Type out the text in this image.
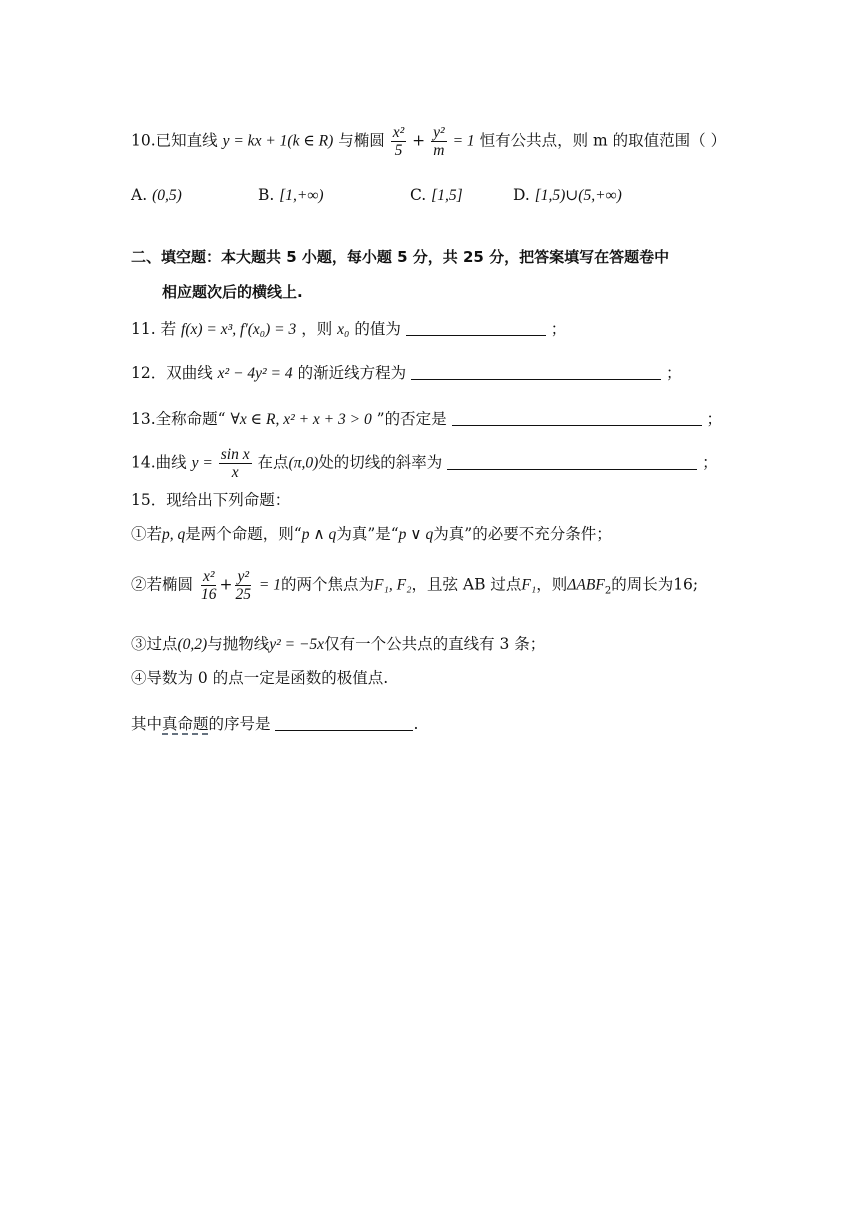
10.已知直线 y = kx + 1(k ∈ R) 与椭圆 $\frac{\text{x²}}{5} + \frac{\text{y²}}{m} = 1$ 恒有公共点，则 m 的取值范围（ ）
A. (0,5)	B. [1,+∞)	C. [1,5]	D. [1,5)∪(5,+∞)
二、填空题：本大题共 5 小题，每小题 5 分，共 25 分，把答案填写在答题卷中
相应题次后的横线上.
11. 若 f(x) = x³, f′(x₀) = 3 ，则 x₀ 的值为	；
12．双曲线 x² − 4y² = 4 的渐近线方程为	；
13.全称命题“ ∀x ∈ R, x² + x + 3 > 0 ”的否定是	；
14.曲线 $y = \frac{\text{sin x}}{x}$ 在点(π,0)处的切线的斜率为	；
15．现给出下列命题：
①若p, q是两个命题，则“p ∧ q为真”是“p ∨ q为真”的必要不充分条件；
②若椭圆 $\frac{\text{x²}}{16} + \frac{\text{y²}}{25} = 1$的两个焦点为F₁, F₂，且弦 AB 过点F₁，则$\Delta ABF_2$的周长为16;
③过点(0,2)与抛物线y² = −5x仅有一个公共点的直线有 3 条；
④导数为 0 的点一定是函数的极值点.
其中真命题的序号是	.
